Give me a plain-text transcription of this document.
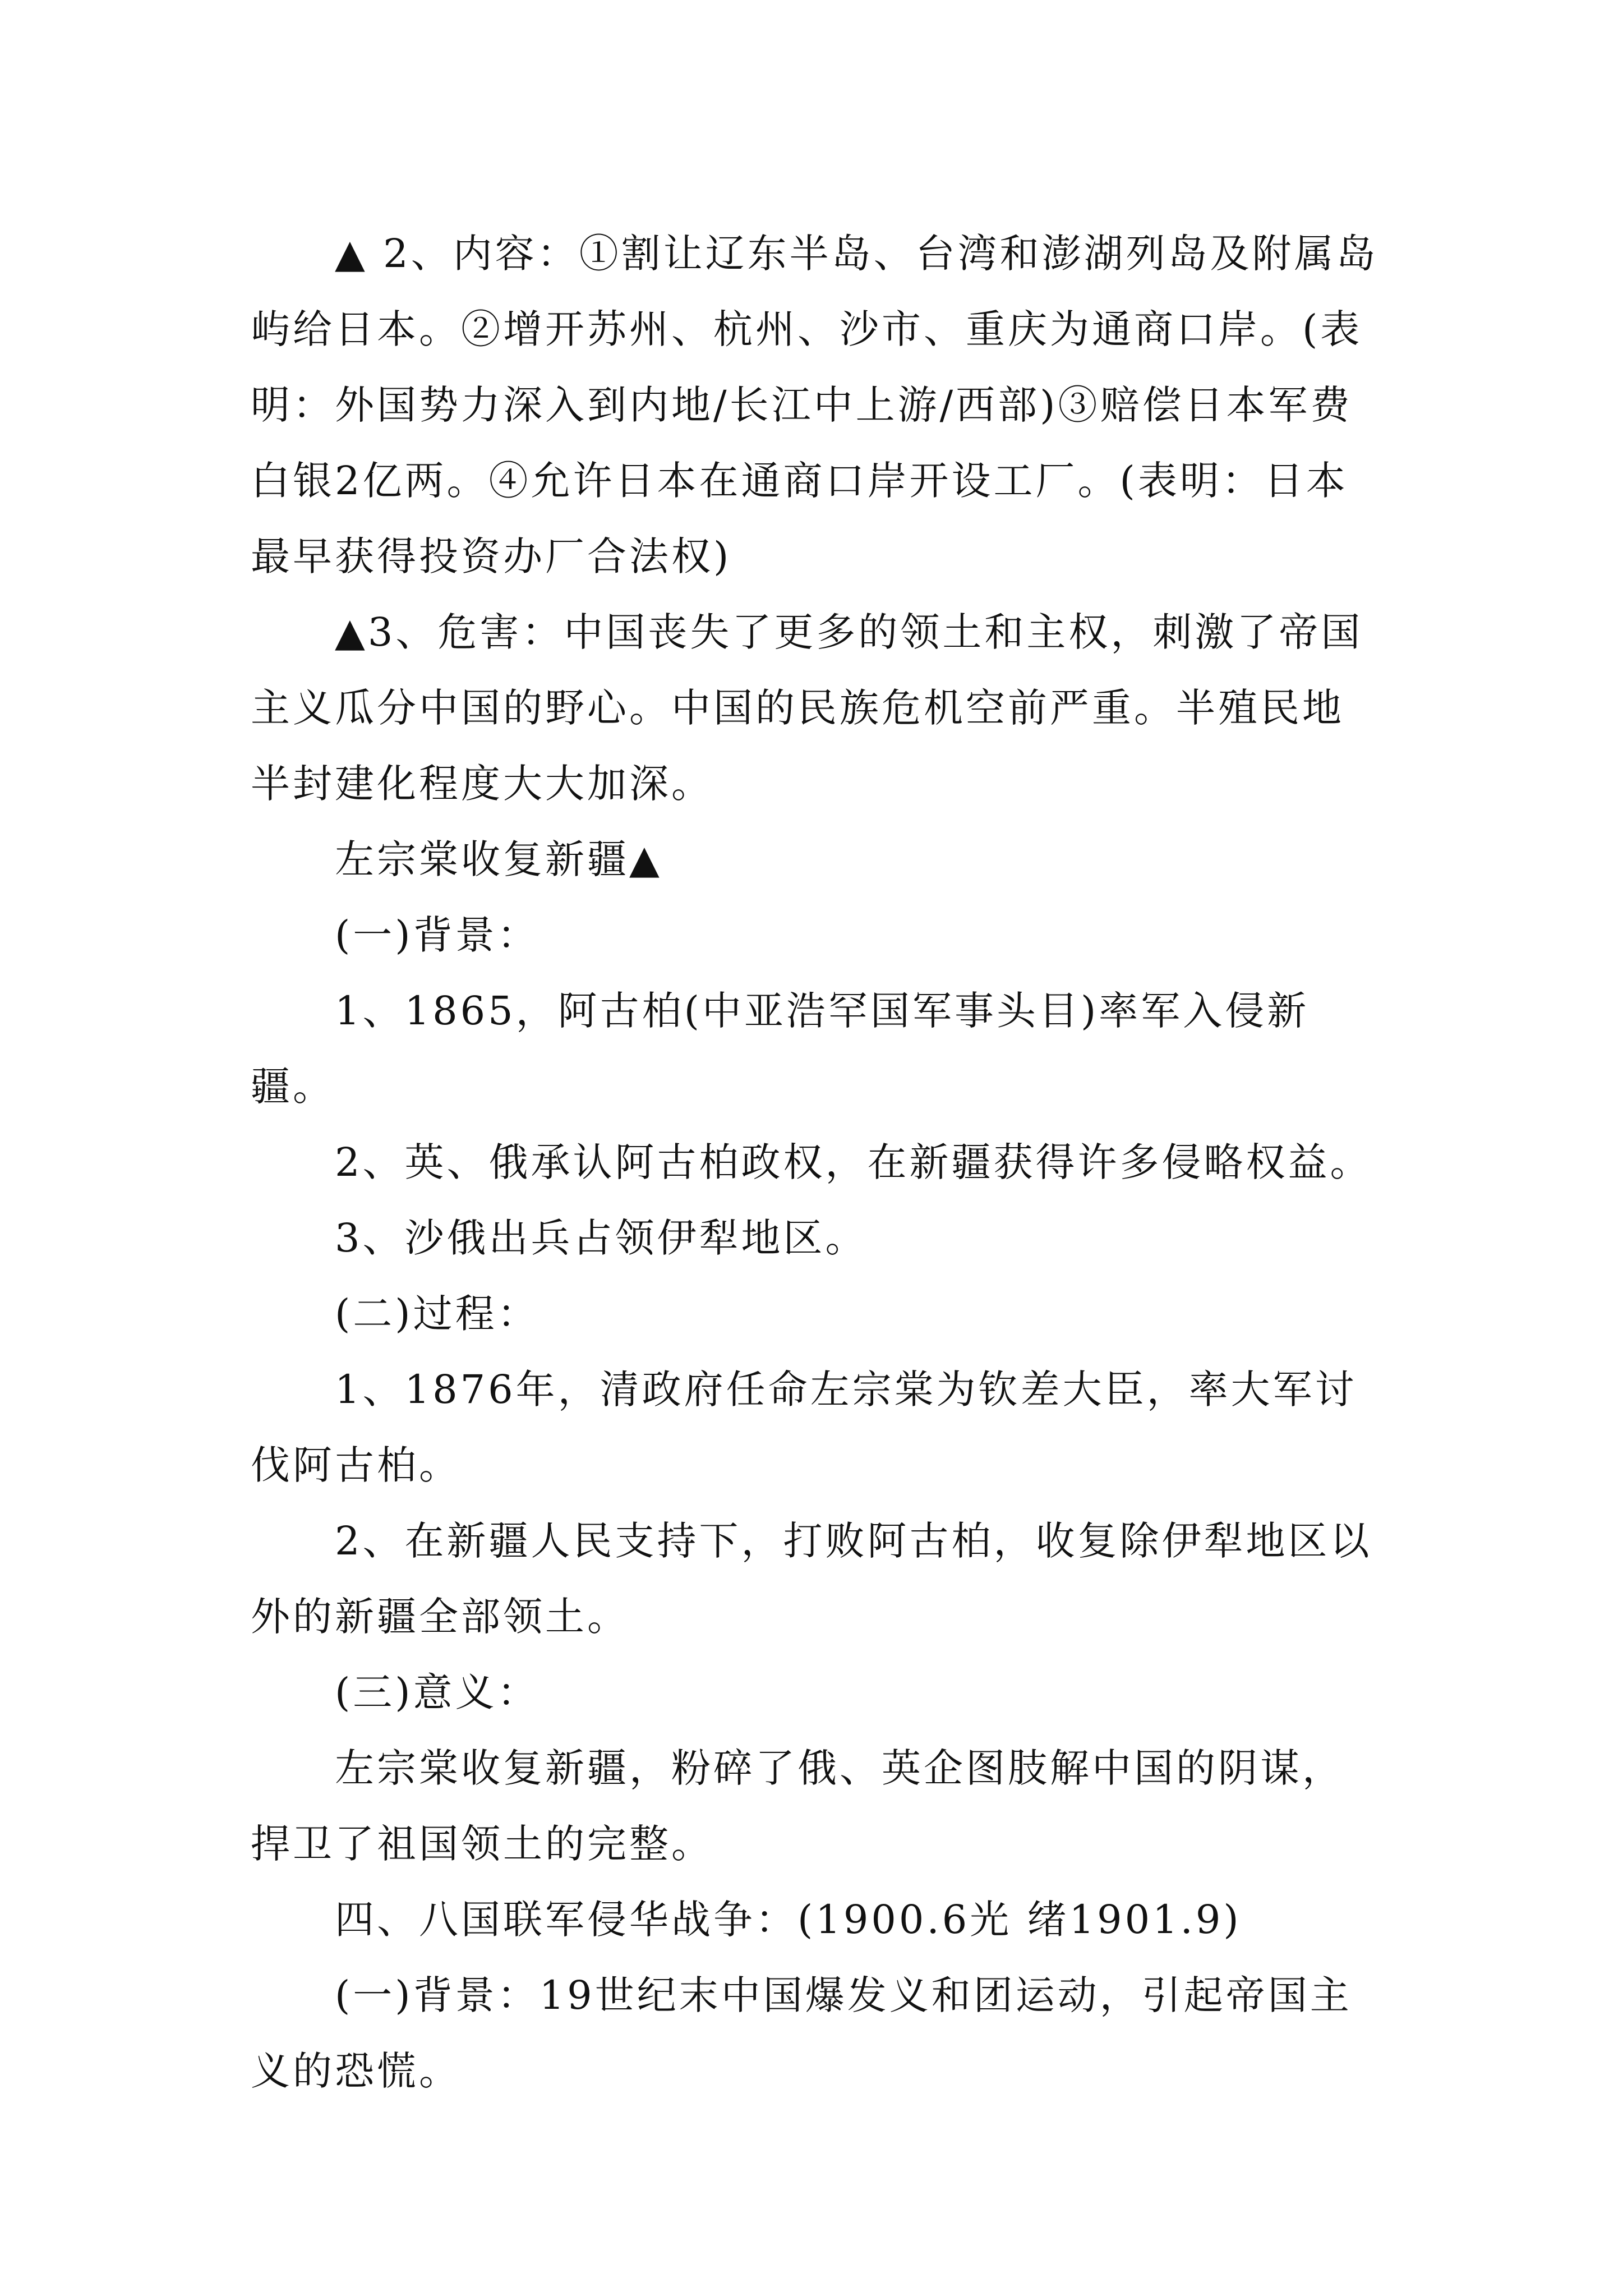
▲ 2、内容：①割让辽东半岛、台湾和澎湖列岛及附属岛屿给日本。②增开苏州、杭州、沙市、重庆为通商口岸。(表明：外国势力深入到内地/长江中上游/西部)③赔偿日本军费白银2亿两。④允许日本在通商口岸开设工厂。(表明：日本最早获得投资办厂合法权)

▲3、危害：中国丧失了更多的领土和主权，刺激了帝国主义瓜分中国的野心。中国的民族危机空前严重。半殖民地半封建化程度大大加深。

左宗棠收复新疆▲

(一)背景：

1、1865，阿古柏(中亚浩罕国军事头目)率军入侵新疆。

2、英、俄承认阿古柏政权，在新疆获得许多侵略权益。

3、沙俄出兵占领伊犁地区。

(二)过程：

1、1876年，清政府任命左宗棠为钦差大臣，率大军讨伐阿古柏。

2、在新疆人民支持下，打败阿古柏，收复除伊犁地区以外的新疆全部领土。

(三)意义：

左宗棠收复新疆，粉碎了俄、英企图肢解中国的阴谋，捍卫了祖国领土的完整。

四、八国联军侵华战争：(1900.6光 绪1901.9)

(一)背景：19世纪末中国爆发义和团运动，引起帝国主义的恐慌。
